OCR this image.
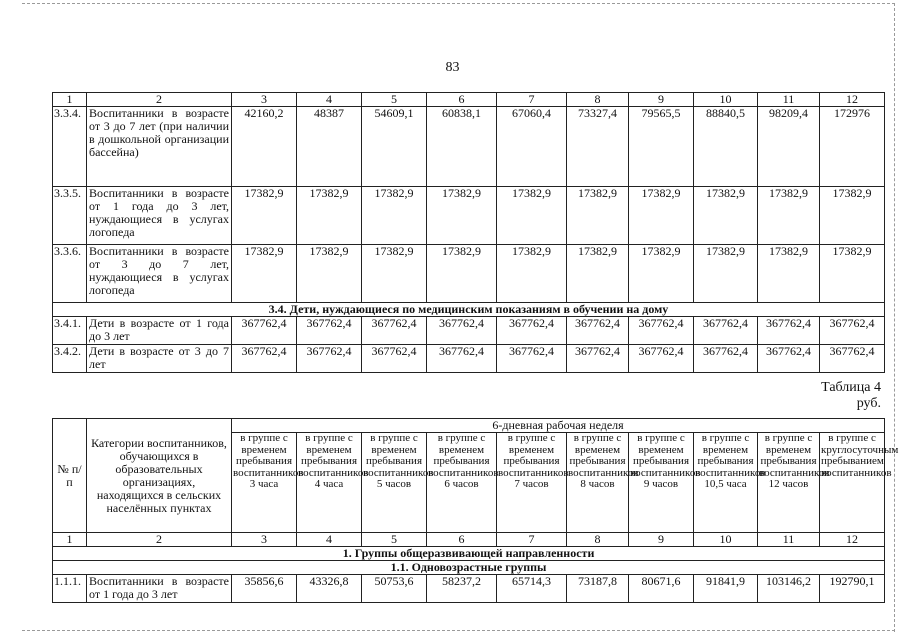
83
1	2	3	4	5	6	7	8	9	10	11	12
3.3.4.	Воспитанники в возрасте от 3 до 7 лет (при наличии в дошкольной организации бассейна)	42160,2	48387	54609,1	60838,1	67060,4	73327,4	79565,5	88840,5	98209,4	172976
3.3.5.	Воспитанники в возрасте от 1 года до 3 лет, нуждающиеся в услугах логопеда	17382,9	17382,9	17382,9	17382,9	17382,9	17382,9	17382,9	17382,9	17382,9	17382,9
3.3.6.	Воспитанники в возрасте от 3 до 7 лет, нуждающиеся в услугах логопеда	17382,9	17382,9	17382,9	17382,9	17382,9	17382,9	17382,9	17382,9	17382,9	17382,9
3.4. Дети, нуждающиеся по медицинским показаниям в обучении на дому											
3.4.1.	Дети в возрасте от 1 года до 3 лет	367762,4	367762,4	367762,4	367762,4	367762,4	367762,4	367762,4	367762,4	367762,4	367762,4
3.4.2.	Дети в возрасте от 3 до 7 лет	367762,4	367762,4	367762,4	367762,4	367762,4	367762,4	367762,4	367762,4	367762,4	367762,4
Таблица 4
руб.
№ п/п	Категории воспитанников, обучающихся в образовательных организациях, находящихся в сельских населённых пунктах	6-дневная рабочая неделя									
		в группе с временем пребывания воспитанников 3 часа	в группе с временем пребывания воспитанников 4 часа	в группе с временем пребывания воспитанников 5 часов	в группе с временем пребывания воспитанников 6 часов	в группе с временем пребывания воспитанников 7 часов	в группе с временем пребывания воспитанников 8 часов	в группе с временем пребывания воспитанников 9 часов	в группе с временем пребывания воспитанников 10,5 часа	в группе с временем пребывания воспитанников 12 часов	в группе с круглосуточным пребыванием воспитанников
1	2	3	4	5	6	7	8	9	10	11	12
1. Группы общеразвивающей направленности											
1.1. Одновозрастные группы											
1.1.1.	Воспитанники в возрасте от 1 года до 3 лет	35856,6	43326,8	50753,6	58237,2	65714,3	73187,8	80671,6	91841,9	103146,2	192790,1
